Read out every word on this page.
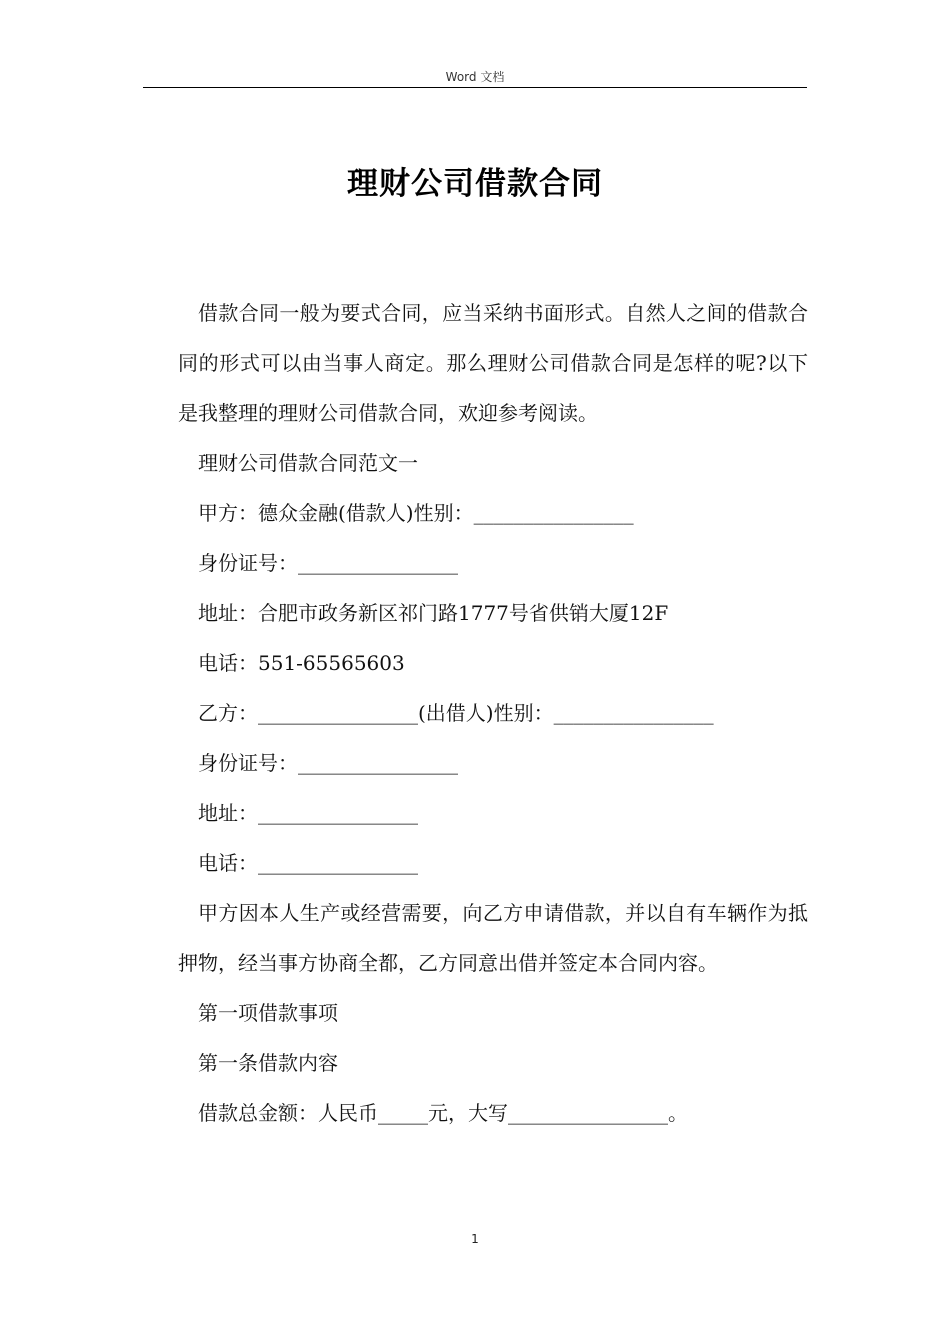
Word 文档
理财公司借款合同

借款合同一般为要式合同，应当采纳书面形式。自然人之间的借款合同的形式可以由当事人商定。那么理财公司借款合同是怎样的呢?以下是我整理的理财公司借款合同，欢迎参考阅读。

理财公司借款合同范文一

甲方：德众金融(借款人)性别：________________

身份证号：________________

地址：合肥市政务新区祁门路1777号省供销大厦12F

电话：551-65565603

乙方：________________(出借人)性别：________________

身份证号：________________

地址：________________

电话：________________

甲方因本人生产或经营需要，向乙方申请借款，并以自有车辆作为抵押物，经当事方协商全都，乙方同意出借并签定本合同内容。

第一项借款事项

第一条借款内容

借款总金额：人民币_____元，大写________________。

1
